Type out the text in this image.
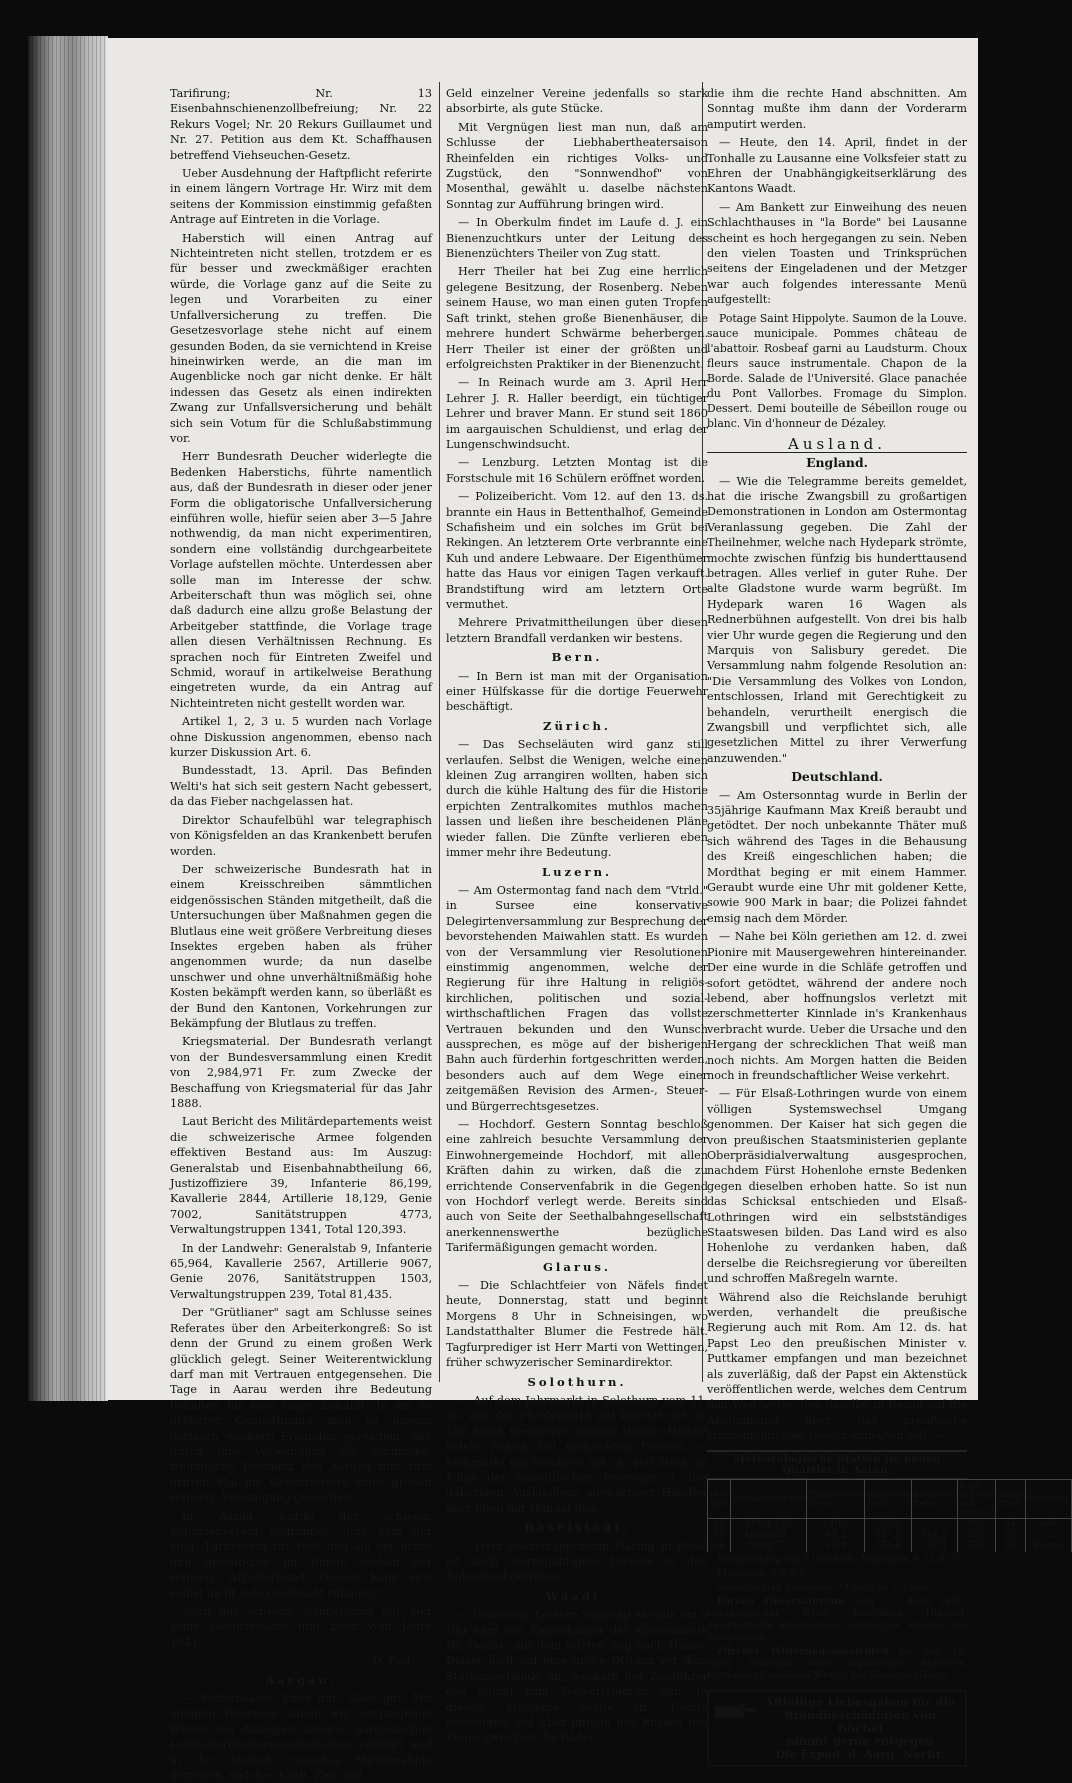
Tarifirung; Nr. 13 Eisenbahnschienenzollbefreiung; Nr. 22 Rekurs Vogel; Nr. 20 Rekurs Guillaumet und Nr. 27. Petition aus dem Kt. Schaffhausen betreffend Viehseuchen-Gesetz.

Ueber Ausdehnung der Haftpflicht referirte in einem längern Vortrage Hr. Wirz mit dem seitens der Kommission einstimmig gefaßten Antrage auf Eintreten in die Vorlage.

Haberstich will einen Antrag auf Nichteintreten nicht stellen, trotzdem er es für besser und zweckmäßiger erachten würde, die Vorlage ganz auf die Seite zu legen und Vorarbeiten zu einer Unfallversicherung zu treffen. Die Gesetzesvorlage stehe nicht auf einem gesunden Boden, da sie vernichtend in Kreise hineinwirken werde, an die man im Augenblicke noch gar nicht denke. Er hält indessen das Gesetz als einen indirekten Zwang zur Unfallsversicherung und behält sich sein Votum für die Schlußabstimmung vor.

Herr Bundesrath Deucher widerlegte die Bedenken Haberstichs, führte namentlich aus, daß der Bundesrath in dieser oder jener Form die obligatorische Unfallversicherung einführen wolle, hiefür seien aber 3—5 Jahre nothwendig, da man nicht experimentiren, sondern eine vollständig durchgearbeitete Vorlage aufstellen möchte. Unterdessen aber solle man im Interesse der schw. Arbeiterschaft thun was möglich sei, ohne daß dadurch eine allzu große Belastung der Arbeitgeber stattfinde, die Vorlage trage allen diesen Verhältnissen Rechnung. Es sprachen noch für Eintreten Zweifel und Schmid, worauf in artikelweise Berathung eingetreten wurde, da ein Antrag auf Nichteintreten nicht gestellt worden war.

Artikel 1, 2, 3 u. 5 wurden nach Vorlage ohne Diskussion angenommen, ebenso nach kurzer Diskussion Art. 6.

Bundesstadt, 13. April. Das Befinden Welti's hat sich seit gestern Nacht gebessert, da das Fieber nachgelassen hat.

Direktor Schaufelbühl war telegraphisch von Königsfelden an das Krankenbett berufen worden.

Der schweizerische Bundesrath hat in einem Kreisschreiben sämmtlichen eidgenössischen Ständen mitgetheilt, daß die Untersuchungen über Maßnahmen gegen die Blutlaus eine weit größere Verbreitung dieses Insektes ergeben haben als früher angenommen wurde; da nun daselbe unschwer und ohne unverhältnißmäßig hohe Kosten bekämpft werden kann, so überläßt es der Bund den Kantonen, Vorkehrungen zur Bekämpfung der Blutlaus zu treffen.

Kriegsmaterial. Der Bundesrath verlangt von der Bundesversammlung einen Kredit von 2,984,971 Fr. zum Zwecke der Beschaffung von Kriegsmaterial für das Jahr 1888.

Laut Bericht des Militärdepartements weist die schweizerische Armee folgenden effektiven Bestand aus: Im Auszug: Generalstab und Eisenbahnabtheilung 66, Justizoffiziere 39, Infanterie 86,199, Kavallerie 2844, Artillerie 18,129, Genie 7002, Sanitätstruppen 4773, Verwaltungstruppen 1341, Total 120,393.

In der Landwehr: Generalstab 9, Infanterie 65,964, Kavallerie 2567, Artillerie 9067, Genie 2076, Sanitätstruppen 1503, Verwaltungstruppen 239, Total 81,435.

Der "Grütlianer" sagt am Schlusse seines Referates über den Arbeiterkongreß: So ist denn der Grund zu einem großen Werk glücklich gelegt. Seiner Weiterentwicklung darf man mit Vertrauen entgegensehen. Die Tage in Aarau werden ihre Bedeutung behalten für eine lange Zukunft. Je um so größerer Genugthuung mag es unsern dortigen wackern Freunden gereichen, daß durch ihre Verwendung die schmucke, freundliche Residenz des Aargau nun zum dritten Mal die Geburtsstätte einer großen schweiz. Vereinigung geworden.

In Aarau wurde der schweiz. Schützenverein gegründet, dort kam der eidg. Turnverein zur Welt und als der dritte und gewaltigste im Bunde soeben der schweiz. Arbeiterbund. Dessen kann sich selbst nicht jede Großstadt rühmen!"

Auch der schweiz. Sängerbund hat hier seine Geburtsstätte und zwar vom Jahre 1841.

D. Red.
Aargau.

— Volkstheater. Ende gut, Alles gut. Mit einigem Interesse haben wir vergangenen Winter die Anzeigen unserer aargauischen Liebhabertheatergesellschaften verfolgt und in der Auswahl manches Mittelmäßige getroffen, welches Kraft, Zeit und

Geld einzelner Vereine jedenfalls so stark absorbirte, als gute Stücke.

Mit Vergnügen liest man nun, daß am Schlusse der Liebhabertheatersaison Rheinfelden ein richtiges Volks- und Zugstück, den "Sonnwendhof" von Mosenthal, gewählt u. daselbe nächsten Sonntag zur Aufführung bringen wird.

— In Oberkulm findet im Laufe d. J. ein Bienenzuchtkurs unter der Leitung des Bienenzüchters Theiler von Zug statt.

Herr Theiler hat bei Zug eine herrlich gelegene Besitzung, der Rosenberg. Neben seinem Hause, wo man einen guten Tropfen Saft trinkt, stehen große Bienenhäuser, die mehrere hundert Schwärme beherbergen. Herr Theiler ist einer der größten und erfolgreichsten Praktiker in der Bienenzucht.

— In Reinach wurde am 3. April Herr Lehrer J. R. Haller beerdigt, ein tüchtiger Lehrer und braver Mann. Er stund seit 1860 im aargauischen Schuldienst, und erlag der Lungenschwindsucht.

— Lenzburg. Letzten Montag ist die Forstschule mit 16 Schülern eröffnet worden.

— Polizeibericht. Vom 12. auf den 13. ds. brannte ein Haus in Bettenthalhof, Gemeinde Schafisheim und ein solches im Grüt bei Rekingen. An letzterem Orte verbrannte eine Kuh und andere Lebwaare. Der Eigenthümer hatte das Haus vor einigen Tagen verkauft. Brandstiftung wird am letztern Orte vermuthet.

Mehrere Privatmittheilungen über diesen letztern Brandfall verdanken wir bestens.

Bern.

— In Bern ist man mit der Organisation einer Hülfskasse für die dortige Feuerwehr beschäftigt.

Zürich.

— Das Sechseläuten wird ganz still verlaufen. Selbst die Wenigen, welche einen kleinen Zug arrangiren wollten, haben sich durch die kühle Haltung des für die Historie erpichten Zentralkomites muthlos machen lassen und ließen ihre bescheidenen Pläne wieder fallen. Die Zünfte verlieren eben immer mehr ihre Bedeutung.

Luzern.

— Am Ostermontag fand nach dem "Vtrld." in Sursee eine konservative Delegirtenversammlung zur Besprechung der bevorstehenden Maiwahlen statt. Es wurden von der Versammlung vier Resolutionen einstimmig angenommen, welche der Regierung für ihre Haltung in religiös-kirchlichen, politischen und sozial-wirthschaftlichen Fragen das vollste Vertrauen bekunden und den Wunsch aussprechen, es möge auf der bisherigen Bahn auch fürderhin fortgeschritten werden, besonders auch auf dem Wege einer zeitgemäßen Revision des Armen-, Steuer- und Bürgerrechtsgesetzes.

— Hochdorf. Gestern Sonntag beschloß eine zahlreich besuchte Versammlung der Einwohnergemeinde Hochdorf, mit allen Kräften dahin zu wirken, daß die zu errichtende Conservenfabrik in die Gegend von Hochdorf verlegt werde. Bereits sind auch von Seite der Seethalbahngesellschaft anerkennenswerthe bezügliche Tarifermäßigungen gemacht worden.

Glarus.

— Die Schlachtfeier von Näfels findet heute, Donnerstag, statt und beginnt Morgens 8 Uhr in Schneisingen, wo Landstatthalter Blumer die Festrede hält. Tagfurprediger ist Herr Marti von Wettingen, früher schwyzerischer Seminardirektor.

Solothurn.

— Auf dem Jahrmarkt in Solothurn vom 11. ds. war der Pferdemarkt gut besetzt mit ca. 150 Stück theilweise schöner Waare; Handel belebt jedoch bei gedrückten Preisen. — Viehmarkt gut befahren mit ca. 460 Stück, in Folge der israelitischen Feiertage u. des daherigen Ausbleibens auswärtiger Händler aber blieb der Handel flau.

Baselstadt.

— Herr Polizeihauptmann Häring in Basel ist nach vierzigjährigem Dienste in den Ruhestand getreten.

Waadt.

— Grandson. Letzten Samstag Abends um 9 Uhr kam der Eigenthümer der Kartonfabrik Hr. Daulte, mit dem letzten Zug nach Hause. Dieser hielt auf eine große Distanz vor dem Stationsgebäude an, weshalb der Zugführer das Signal zum Vorwärtsfahren gab. In diesem Momente wollte Hr. Daulte aussteigen, fiel aber infolge des Ruckes des Zuges zwischen die Räder

die ihm die rechte Hand abschnitten. Am Sonntag mußte ihm dann der Vorderarm amputirt werden.

— Heute, den 14. April, findet in der Tonhalle zu Lausanne eine Volksfeier statt zu Ehren der Unabhängigkeitserklärung des Kantons Waadt.

— Am Bankett zur Einweihung des neuen Schlachthauses in "la Borde" bei Lausanne scheint es hoch hergegangen zu sein. Neben den vielen Toasten und Trinksprüchen seitens der Eingeladenen und der Metzger war auch folgendes interessante Menü aufgestellt:

Potage Saint Hippolyte. Saumon de la Louve. sauce municipale. Pommes château de l'abattoir. Rosbeaf garni au Laudsturm. Choux fleurs sauce instrumentale. Chapon de la Borde. Salade de l'Université. Glace panachée du Pont Vallorbes. Fromage du Simplon. Dessert. Demi bouteille de Sébeillon rouge ou blanc. Vin d'honneur de Dézaley.

Ausland.
England.

— Wie die Telegramme bereits gemeldet, hat die irische Zwangsbill zu großartigen Demonstrationen in London am Ostermontag Veranlassung gegeben. Die Zahl der Theilnehmer, welche nach Hydepark strömte, mochte zwischen fünfzig bis hunderttausend betragen. Alles verlief in guter Ruhe. Der alte Gladstone wurde warm begrüßt. Im Hydepark waren 16 Wagen als Rednerbühnen aufgestellt. Von drei bis halb vier Uhr wurde gegen die Regierung und den Marquis von Salisbury geredet. Die Versammlung nahm folgende Resolution an: "Die Versammlung des Volkes von London, entschlossen, Irland mit Gerechtigkeit zu behandeln, verurtheilt energisch die Zwangsbill und verpflichtet sich, alle gesetzlichen Mittel zu ihrer Verwerfung anzuwenden."

Deutschland.

— Am Ostersonntag wurde in Berlin der 35jährige Kaufmann Max Kreiß beraubt und getödtet. Der noch unbekannte Thäter muß sich während des Tages in die Behausung des Kreiß eingeschlichen haben; die Mordthat beging er mit einem Hammer. Geraubt wurde eine Uhr mit goldener Kette, sowie 900 Mark in baar; die Polizei fahndet emsig nach dem Mörder.

— Nahe bei Köln geriethen am 12. d. zwei Pionire mit Mausergewehren hintereinander. Der eine wurde in die Schläfe getroffen und sofort getödtet, während der andere noch lebend, aber hoffnungslos verletzt mit zerschmetterter Kinnlade in's Krankenhaus verbracht wurde. Ueber die Ursache und den Hergang der schrecklichen That weiß man noch nichts. Am Morgen hatten die Beiden noch in freundschaftlicher Weise verkehrt.

— Für Elsaß-Lothringen wurde von einem völligen Systemswechsel Umgang genommen. Der Kaiser hat sich gegen die von preußischen Staatsministerien geplante Oberpräsidialverwaltung ausgesprochen, nachdem Fürst Hohenlohe ernste Bedenken gegen dieselben erhoben hatte. So ist nun das Schicksal entschieden und Elsaß-Lothringen wird ein selbstständiges Staatswesen bilden. Das Land wird es also Hohenlohe zu verdanken haben, daß derselbe die Reichsregierung vor übereilten und schroffen Maßregeln warnte.

Während also die Reichslande beruhigt werden, verhandelt die preußische Regierung auch mit Rom. Am 12. ds. hat Papst Leo den preußischen Minister v. Puttkamer empfangen und man bezeichnet als zuverläßig, daß der Papst ein Aktenstück veröffentlichen werde, welches dem Centrum den Weg weise, den daselbe in Bezug auf die Abstimmung über das preußische kirchenpolitische Gesetz einhalten soll. —

Meteorologische Station im neuen Quartier in Aarau.
1887 April	Beobachtungszeit	Thermometer Celsius	Barometer Absol.	Barometer Reduc.	Wind-richtung und Stärke	Dunst-druck	Witterung.
13	Mittg.1 U.	+10,0	763,0		W¹/₂	64	hell
13	Abends 9 „	+8,2	727,3	761,2	SW²	85	„
14.	Morg 7 „	+6,9	724,8	759,1	SW₀	82	Regen
Beobachtung um 7 Uhr früh: Maximum + 12,0° C.
Minimum, + 6,8 C.
Niederschlag gemessen 7 Uhr früh 7,2 mm.
Pariser Observatorium vom 13. April 1887. Veränderlicher Wind, bewölkter Himmel, gewitterhafte Regengüsse, schwaches Steigen der Temperatur.
Zürcher Witterungsaussichten für den 14. April. Situation wird ungünstiger; kühleres, fortdauernd wolkiges Wetter mit Niederschlägen.
Allfällige Liebesgaben für die
Brandbeschädigten von Büchel
nimmt gerne entgegen
Die Exped. d. Aarg. Nachr.
